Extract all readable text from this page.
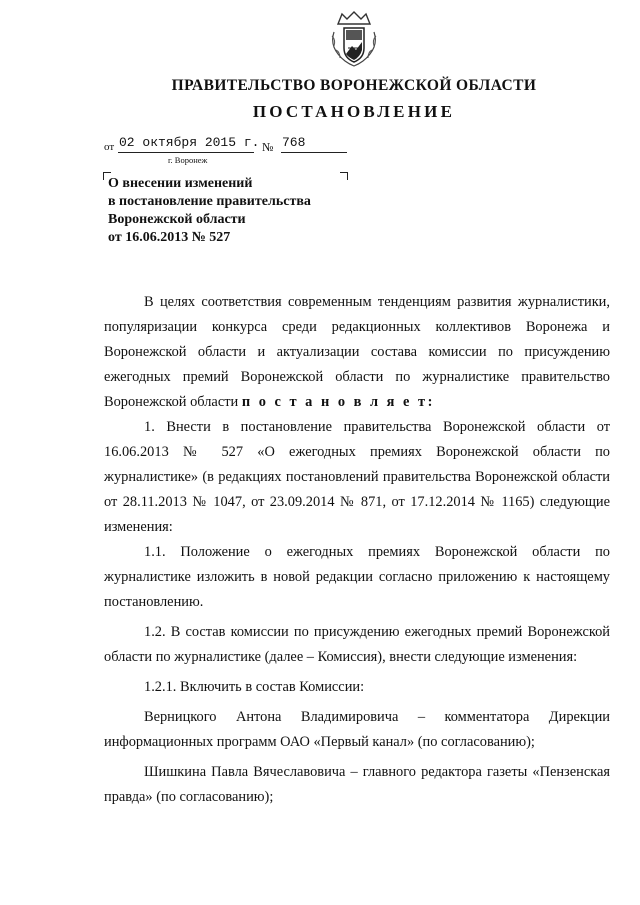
ПРАВИТЕЛЬСТВО ВОРОНЕЖСКОЙ ОБЛАСТИ
ПОСТАНОВЛЕНИЕ
от 02 октября 2015 г. № 768
г. Воронеж
О внесении изменений
в постановление правительства
Воронежской области
от 16.06.2013 № 527

В целях соответствия современным тенденциям развития журналистики, популяризации конкурса среди редакционных коллективов Воронежа и Воронежской области и актуализации состава комиссии по присуждению ежегодных премий Воронежской области по журналистике правительство Воронежской области п о с т а н о в л я е т:

1. Внести в постановление правительства Воронежской области от 16.06.2013 № 527 «О ежегодных премиях Воронежской области по журналистике» (в редакциях постановлений правительства Воронежской области от 28.11.2013 № 1047, от 23.09.2014 № 871, от 17.12.2014 № 1165) следующие изменения:

1.1. Положение о ежегодных премиях Воронежской области по журналистике изложить в новой редакции согласно приложению к настоящему постановлению.

1.2. В состав комиссии по присуждению ежегодных премий Воронежской области по журналистике (далее – Комиссия), внести следующие изменения:

1.2.1. Включить в состав Комиссии:

Верницкого Антона Владимировича – комментатора Дирекции информационных программ ОАО «Первый канал» (по согласованию);

Шишкина Павла Вячеславовича – главного редактора газеты «Пензенская правда» (по согласованию);
